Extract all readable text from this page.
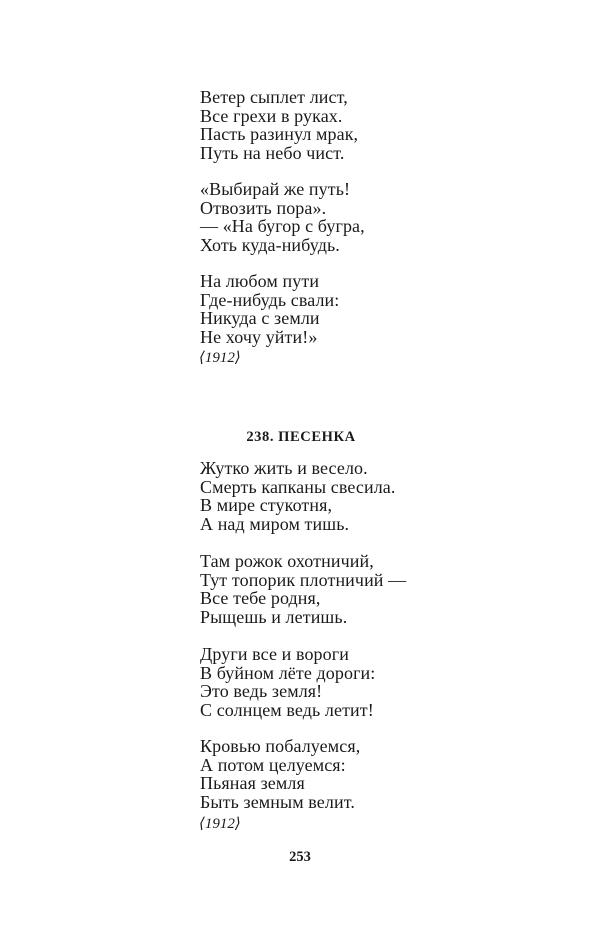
Ветер сыплет лист,
Все грехи в руках.
Пасть разинул мрак,
Путь на небо чист.
«Выбирай же путь!
Отвозить пора».
— «На бугор с бугра,
Хоть куда-нибудь.
На любом пути
Где-нибудь свали:
Никуда с земли
Не хочу уйти!»
⟨1912⟩
238. ПЕСЕНКА
Жутко жить и весело.
Смерть капканы свесила.
В мире стукотня,
А над миром тишь.
Там рожок охотничий,
Тут топорик плотничий —
Все тебе родня,
Рыщешь и летишь.
Други все и вороги
В буйном лёте дороги:
Это ведь земля!
С солнцем ведь летит!
Кровью побалуемся,
А потом целуемся:
Пьяная земля
Быть земным велит.
⟨1912⟩
253
